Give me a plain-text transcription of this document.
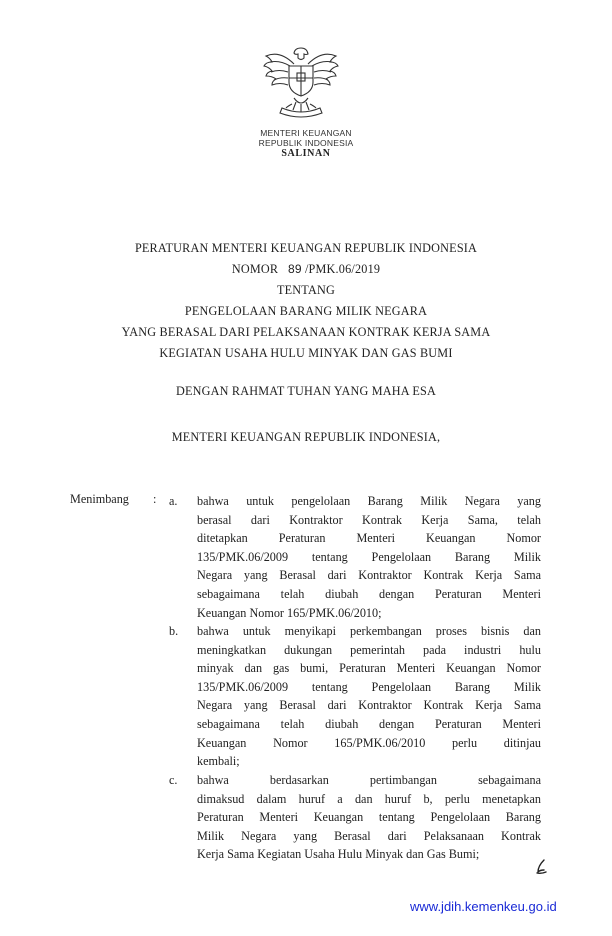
MENTERI KEUANGAN
REPUBLIK INDONESIA
SALINAN
PERATURAN MENTERI KEUANGAN REPUBLIK INDONESIA
NOMOR 89 /PMK.06/2019
TENTANG
PENGELOLAAN BARANG MILIK NEGARA
YANG BERASAL DARI PELAKSANAAN KONTRAK KERJA SAMA
KEGIATAN USAHA HULU MINYAK DAN GAS BUMI
DENGAN RAHMAT TUHAN YANG MAHA ESA
MENTERI KEUANGAN REPUBLIK INDONESIA,
Menimbang : a. bahwa untuk pengelolaan Barang Milik Negara yang
berasal dari Kontraktor Kontrak Kerja Sama, telah
ditetapkan Peraturan Menteri Keuangan Nomor
135/PMK.06/2009 tentang Pengelolaan Barang Milik
Negara yang Berasal dari Kontraktor Kontrak Kerja Sama
sebagaimana telah diubah dengan Peraturan Menteri
Keuangan Nomor 165/PMK.06/2010;
b. bahwa untuk menyikapi perkembangan proses bisnis dan
meningkatkan dukungan pemerintah pada industri hulu
minyak dan gas bumi, Peraturan Menteri Keuangan Nomor
135/PMK.06/2009 tentang Pengelolaan Barang Milik
Negara yang Berasal dari Kontraktor Kontrak Kerja Sama
sebagaimana telah diubah dengan Peraturan Menteri
Keuangan Nomor 165/PMK.06/2010 perlu ditinjau
kembali;
c. bahwa berdasarkan pertimbangan sebagaimana
dimaksud dalam huruf a dan huruf b, perlu menetapkan
Peraturan Menteri Keuangan tentang Pengelolaan Barang
Milik Negara yang Berasal dari Pelaksanaan Kontrak
Kerja Sama Kegiatan Usaha Hulu Minyak dan Gas Bumi;
www.jdih.kemenkeu.go.id
